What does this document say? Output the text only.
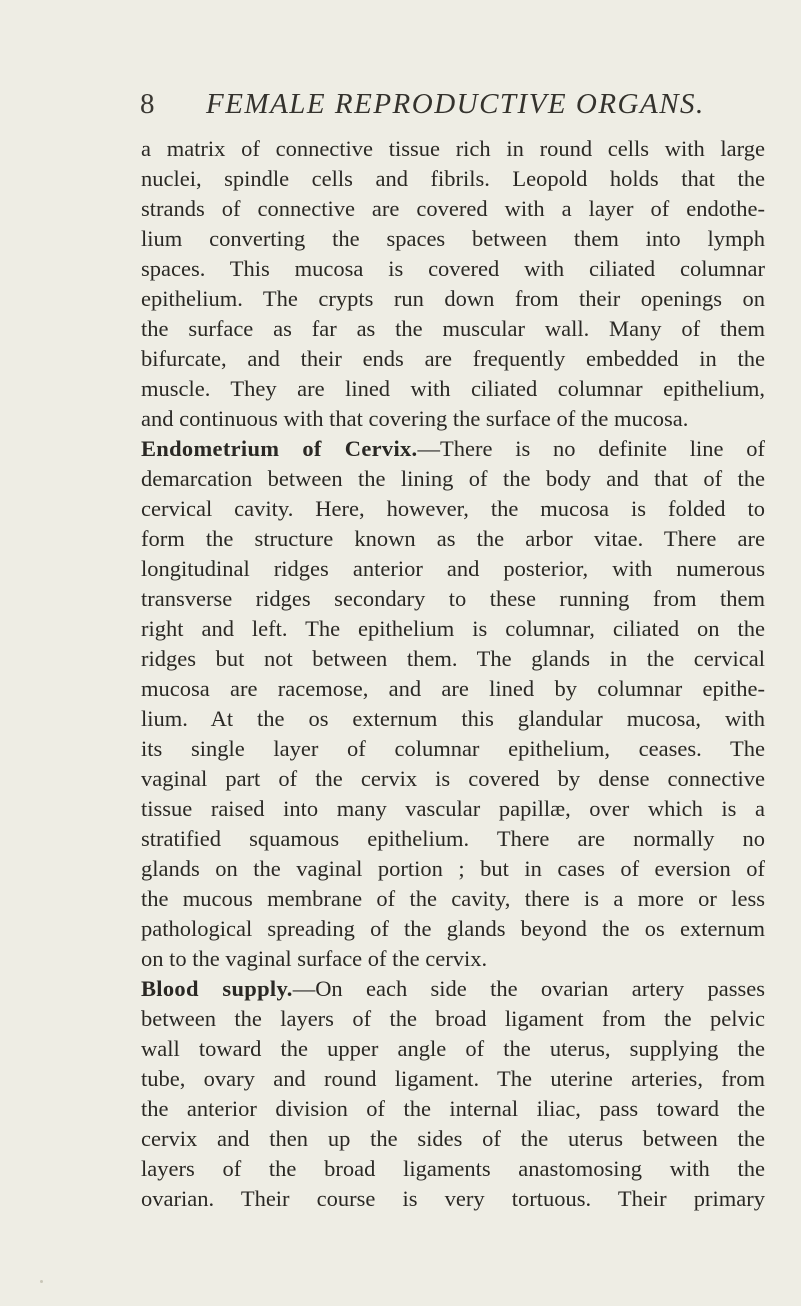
8 FEMALE REPRODUCTIVE ORGANS.
a matrix of connective tissue rich in round cells with large
nuclei, spindle cells and fibrils. Leopold holds that the
strands of connective are covered with a layer of endothe-
lium converting the spaces between them into lymph
spaces. This mucosa is covered with ciliated columnar
epithelium. The crypts run down from their openings on
the surface as far as the muscular wall. Many of them
bifurcate, and their ends are frequently embedded in the
muscle. They are lined with ciliated columnar epithelium,
and continuous with that covering the surface of the mucosa.
Endometrium of Cervix.—There is no definite line of
demarcation between the lining of the body and that of the
cervical cavity. Here, however, the mucosa is folded to
form the structure known as the arbor vitae. There are
longitudinal ridges anterior and posterior, with numerous
transverse ridges secondary to these running from them
right and left. The epithelium is columnar, ciliated on the
ridges but not between them. The glands in the cervical
mucosa are racemose, and are lined by columnar epithe-
lium. At the os externum this glandular mucosa, with
its single layer of columnar epithelium, ceases. The
vaginal part of the cervix is covered by dense connective
tissue raised into many vascular papillæ, over which is a
stratified squamous epithelium. There are normally no
glands on the vaginal portion ; but in cases of eversion of
the mucous membrane of the cavity, there is a more or less
pathological spreading of the glands beyond the os externum
on to the vaginal surface of the cervix.
Blood supply.—On each side the ovarian artery passes
between the layers of the broad ligament from the pelvic
wall toward the upper angle of the uterus, supplying the
tube, ovary and round ligament. The uterine arteries, from
the anterior division of the internal iliac, pass toward the
cervix and then up the sides of the uterus between the
layers of the broad ligaments anastomosing with the
ovarian. Their course is very tortuous. Their primary
